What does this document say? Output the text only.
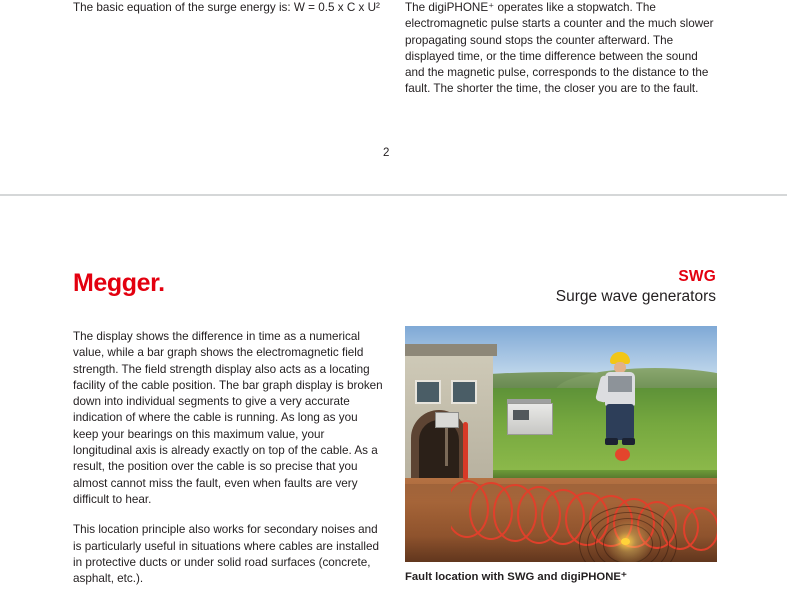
The basic equation of the surge energy is: W = 0.5 x C x U²	The digiPHONE⁺ operates like a stopwatch. The electromagnetic pulse starts a counter and the much slower propagating sound stops the counter afterward. The displayed time, or the time difference between the sound and the magnetic pulse, corresponds to the distance to the fault. The shorter the time, the closer you are to the fault.
2
Megger.	SWG
Surge wave generators

The display shows the difference in time as a numerical value, while a bar graph shows the electromagnetic field strength. The field strength display also acts as a locating facility of the cable position. The bar graph display is broken down into individual segments to give a very accurate indication of where the cable is running. As long as you keep your bearings on this maximum value, your longitudinal axis is already exactly on top of the cable. As a result, the position over the cable is so precise that you almost cannot miss the fault, even when faults are very difficult to hear.

This location principle also works for secondary noises and is particularly useful in situations where cables are installed in protective ducts or under solid road surfaces (concrete, asphalt, etc.).	Fault location with SWG and digiPHONE⁺
